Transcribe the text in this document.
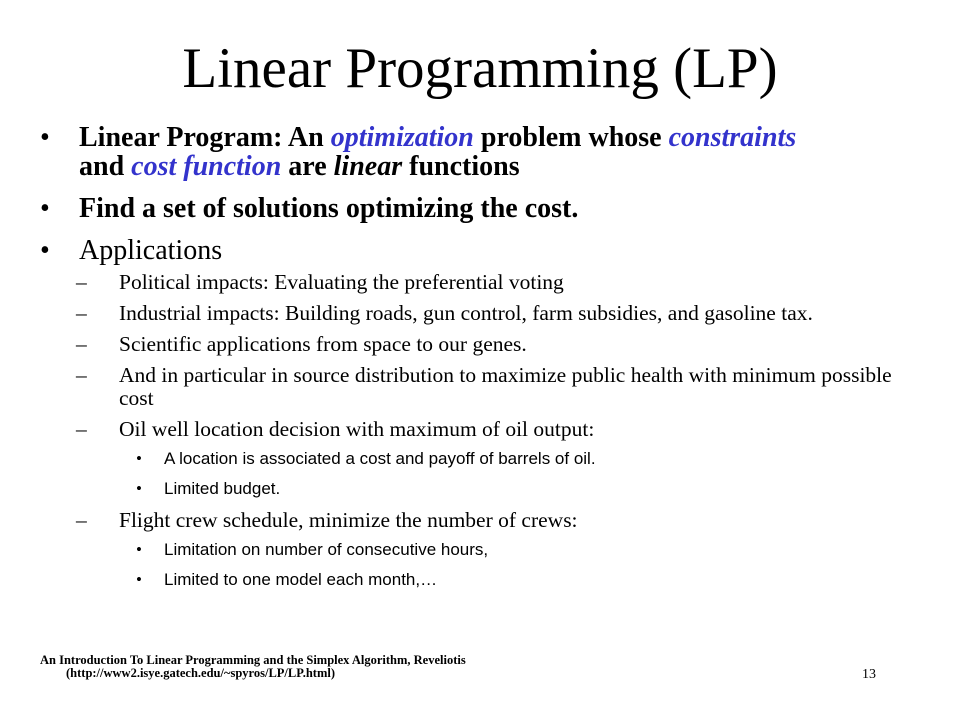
Linear Programming (LP)
• Linear Program: An optimization problem whose constraints
and cost function are linear functions
• Find a set of solutions optimizing the cost.
• Applications
– Political impacts: Evaluating the preferential voting
– Industrial impacts: Building roads, gun control, farm subsidies, and gasoline tax.
– Scientific applications from space to our genes.
– And in particular in source distribution to maximize public health with minimum possible cost
– Oil well location decision with maximum of oil output:
• A location is associated a cost and payoff of barrels of oil.
• Limited budget.
– Flight crew schedule, minimize the number of crews:
• Limitation on number of consecutive hours,
• Limited to one model each month,…
An Introduction To Linear Programming and the Simplex Algorithm, Reveliotis
(http://www2.isye.gatech.edu/~spyros/LP/LP.html)	13
